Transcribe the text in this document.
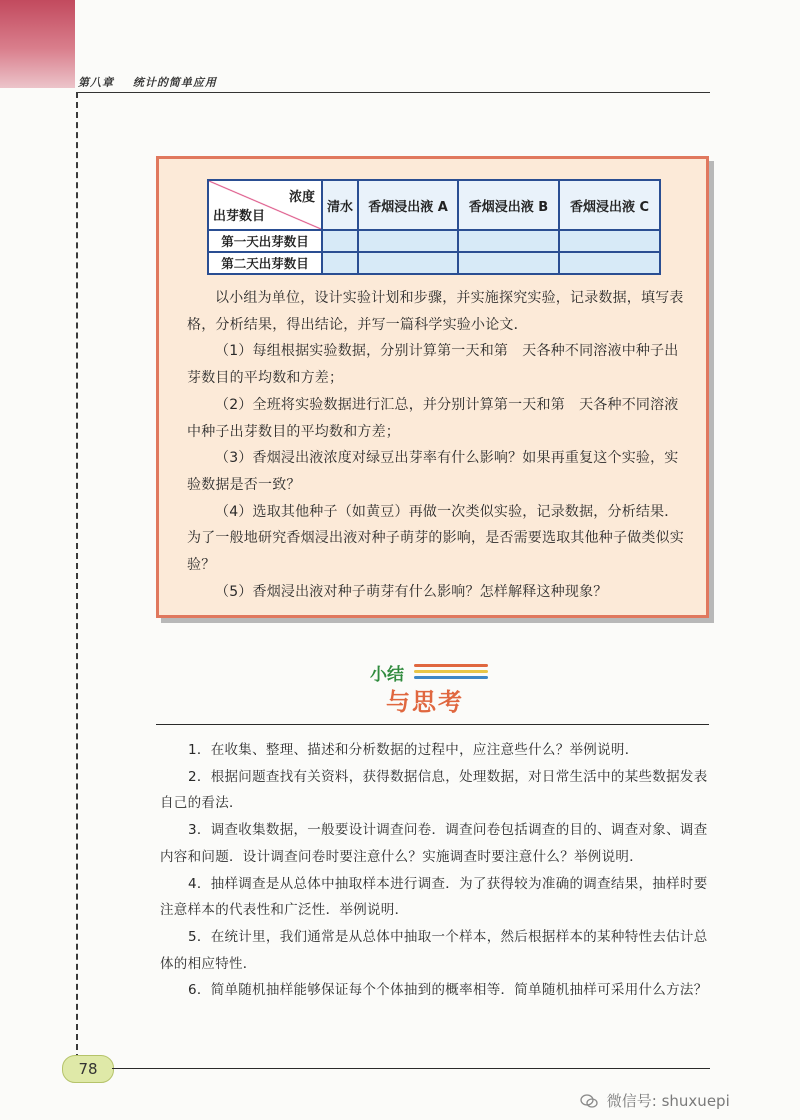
第八章 统计的简单应用
浓度
出芽数目	清水	香烟浸出液 A	香烟浸出液 B	香烟浸出液 C
第一天出芽数目				
第二天出芽数目				

以小组为单位，设计实验计划和步骤，并实施探究实验，记录数据，填写表格，分析结果，得出结论，并写一篇科学实验小论文．

（1）每组根据实验数据，分别计算第一天和第　天各种不同溶液中种子出芽数目的平均数和方差；

（2）全班将实验数据进行汇总，并分别计算第一天和第　天各种不同溶液中种子出芽数目的平均数和方差；

（3）香烟浸出液浓度对绿豆出芽率有什么影响？如果再重复这个实验，实验数据是否一致？

（4）选取其他种子（如黄豆）再做一次类似实验，记录数据，分析结果．为了一般地研究香烟浸出液对种子萌芽的影响，是否需要选取其他种子做类似实验？

（5）香烟浸出液对种子萌芽有什么影响？怎样解释这种现象？

小结
与思考

1．在收集、整理、描述和分析数据的过程中，应注意些什么？举例说明．

2．根据问题查找有关资料，获得数据信息，处理数据，对日常生活中的某些数据发表自己的看法．

3．调查收集数据，一般要设计调查问卷．调查问卷包括调查的目的、调查对象、调查内容和问题．设计调查问卷时要注意什么？实施调查时要注意什么？举例说明．

4．抽样调查是从总体中抽取样本进行调查．为了获得较为准确的调查结果，抽样时要注意样本的代表性和广泛性．举例说明．

5．在统计里，我们通常是从总体中抽取一个样本，然后根据样本的某种特性去估计总体的相应特性．

6．简单随机抽样能够保证每个个体抽到的概率相等．简单随机抽样可采用什么方法？

78
微信号: shuxuepi
